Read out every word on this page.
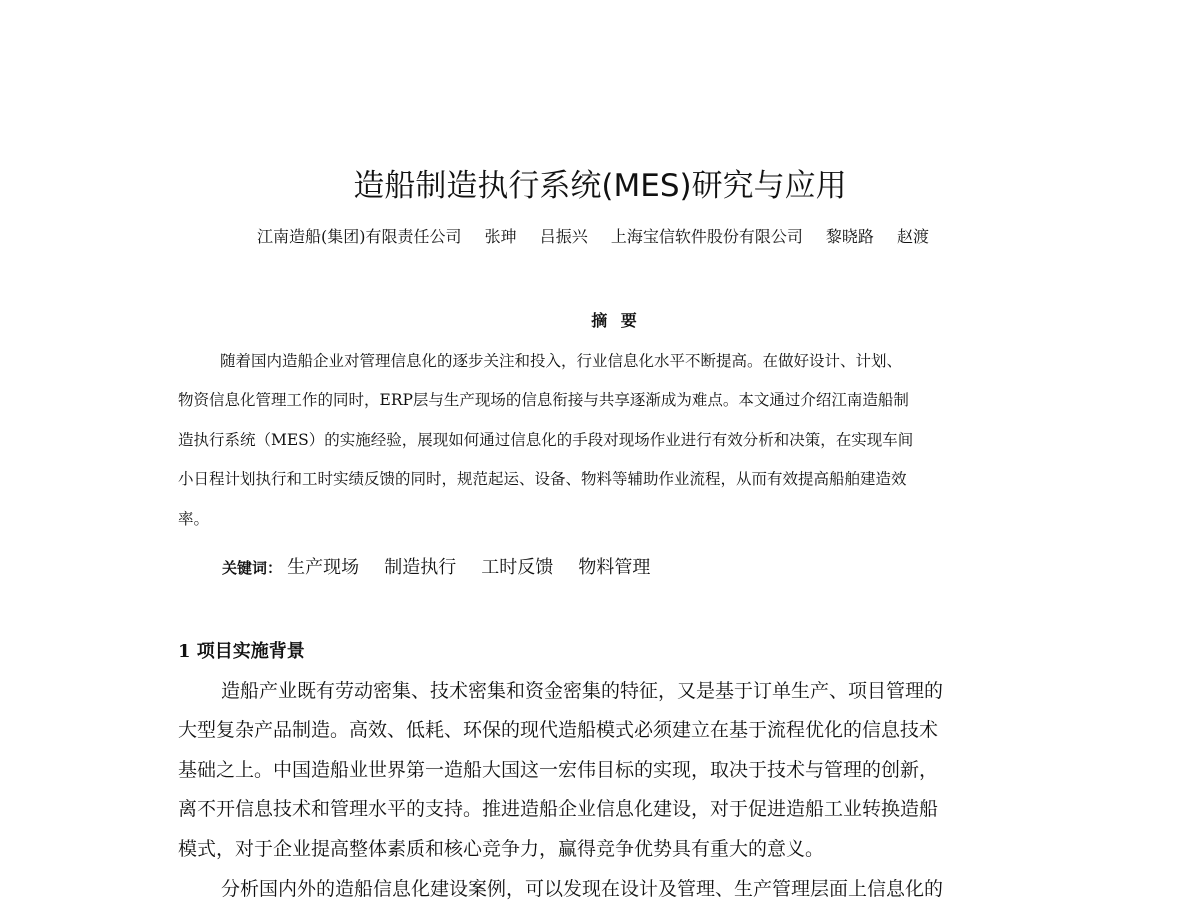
造船制造执行系统(MES)研究与应用
江南造船(集团)有限责任公司 张珅 吕振兴 上海宝信软件股份有限公司 黎晓路 赵渡
摘 要
随着国内造船企业对管理信息化的逐步关注和投入，行业信息化水平不断提高。在做好设计、计划、
物资信息化管理工作的同时，ERP层与生产现场的信息衔接与共享逐渐成为难点。本文通过介绍江南造船制
造执行系统（MES）的实施经验，展现如何通过信息化的手段对现场作业进行有效分析和决策，在实现车间
小日程计划执行和工时实绩反馈的同时，规范起运、设备、物料等辅助作业流程，从而有效提高船舶建造效
率。
关键词： 生产现场 制造执行 工时反馈 物料管理
1 项目实施背景
造船产业既有劳动密集、技术密集和资金密集的特征，又是基于订单生产、项目管理的
大型复杂产品制造。高效、低耗、环保的现代造船模式必须建立在基于流程优化的信息技术
基础之上。中国造船业世界第一造船大国这一宏伟目标的实现，取决于技术与管理的创新，
离不开信息技术和管理水平的支持。推进造船企业信息化建设，对于促进造船工业转换造船
模式，对于企业提高整体素质和核心竞争力，赢得竞争优势具有重大的意义。
分析国内外的造船信息化建设案例，可以发现在设计及管理、生产管理层面上信息化的
